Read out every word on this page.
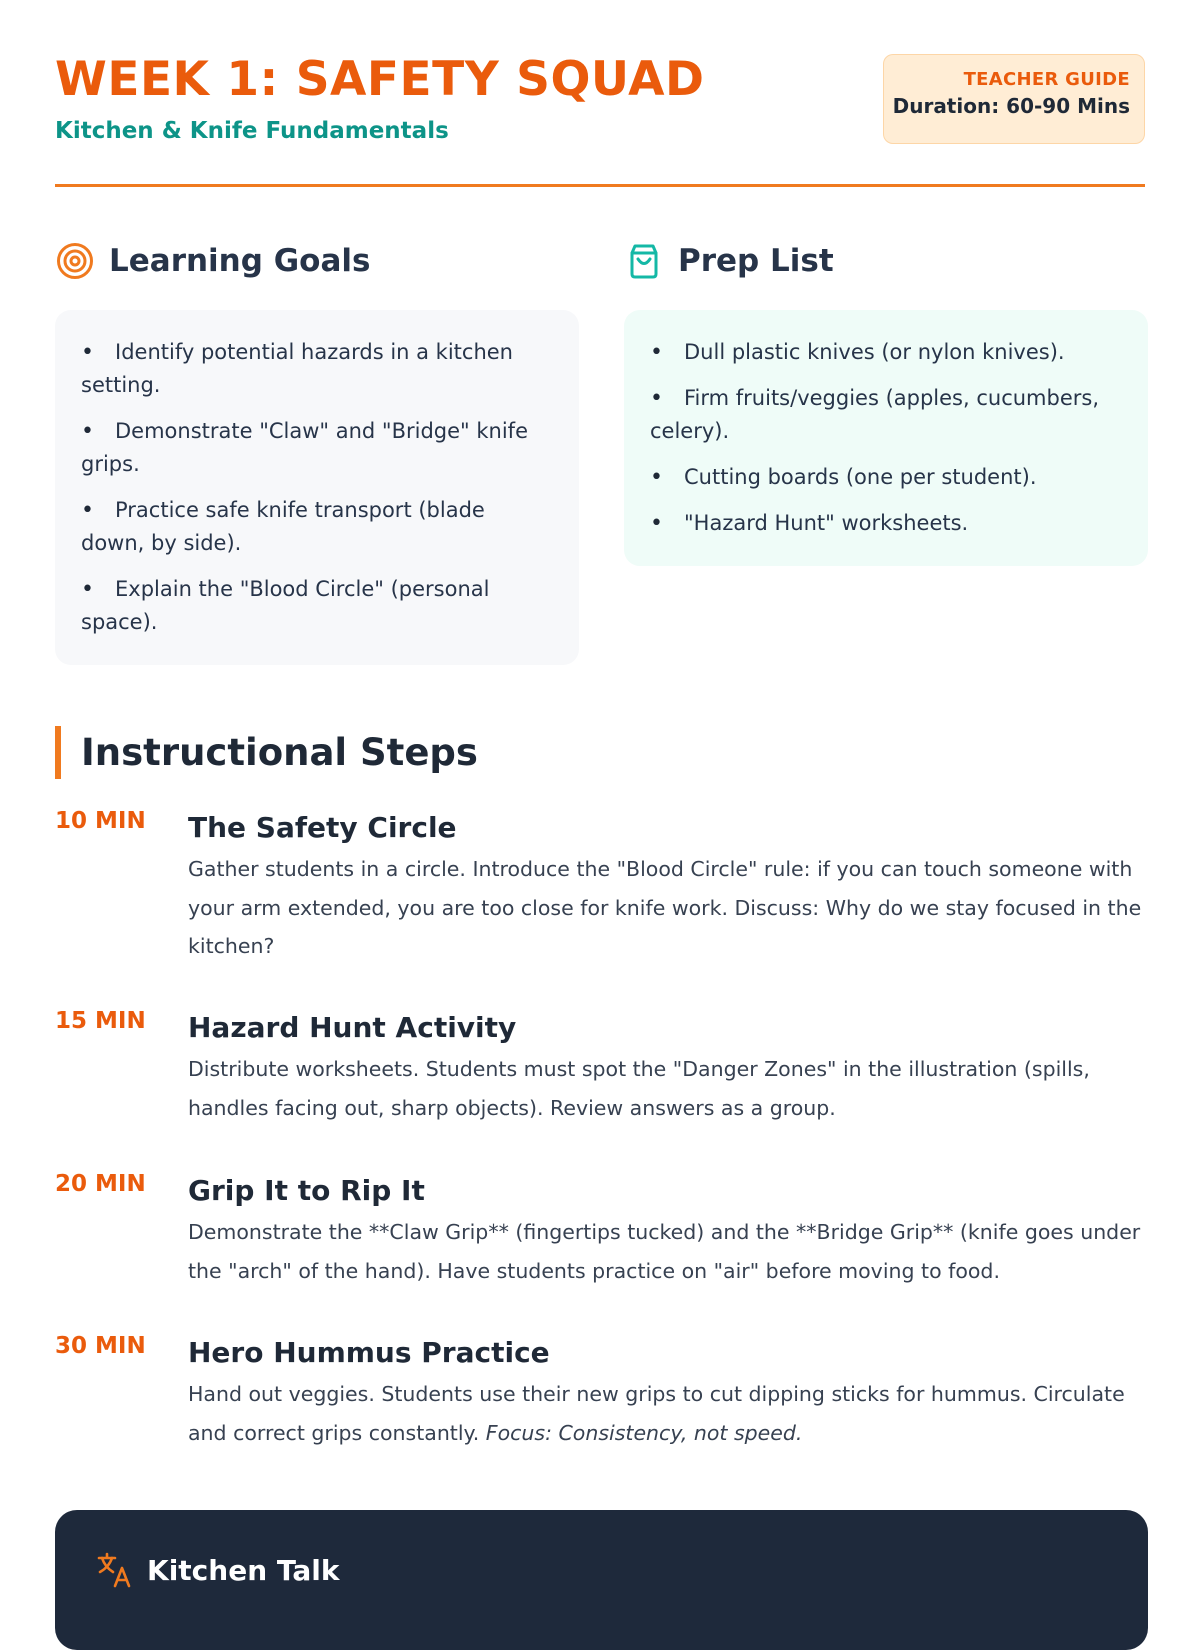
WEEK 1: SAFETY SQUAD
Kitchen & Knife Fundamentals
TEACHER GUIDE
Duration: 60-90 Mins
Learning Goals
•Identify potential hazards in a kitchen setting.
•Demonstrate "Claw" and "Bridge" knife grips.
•Practice safe knife transport (blade down, by side).
•Explain the "Blood Circle" (personal space).
Prep List
•Dull plastic knives (or nylon knives).
•Firm fruits/veggies (apples, cucumbers, celery).
•Cutting boards (one per student).
•"Hazard Hunt" worksheets.
Instructional Steps
10 MIN	The Safety Circle

Gather students in a circle. Introduce the "Blood Circle" rule: if you can touch someone with your arm extended, you are too close for knife work. Discuss: Why do we stay focused in the kitchen?

15 MIN	Hazard Hunt Activity

Distribute worksheets. Students must spot the "Danger Zones" in the illustration (spills, handles facing out, sharp objects). Review answers as a group.

20 MIN	Grip It to Rip It

Demonstrate the **Claw Grip** (fingertips tucked) and the **Bridge Grip** (knife goes under the "arch" of the hand). Have students practice on "air" before moving to food.

30 MIN	Hero Hummus Practice

Hand out veggies. Students use their new grips to cut dipping sticks for hummus. Circulate and correct grips constantly. Focus: Consistency, not speed.

Kitchen Talk
